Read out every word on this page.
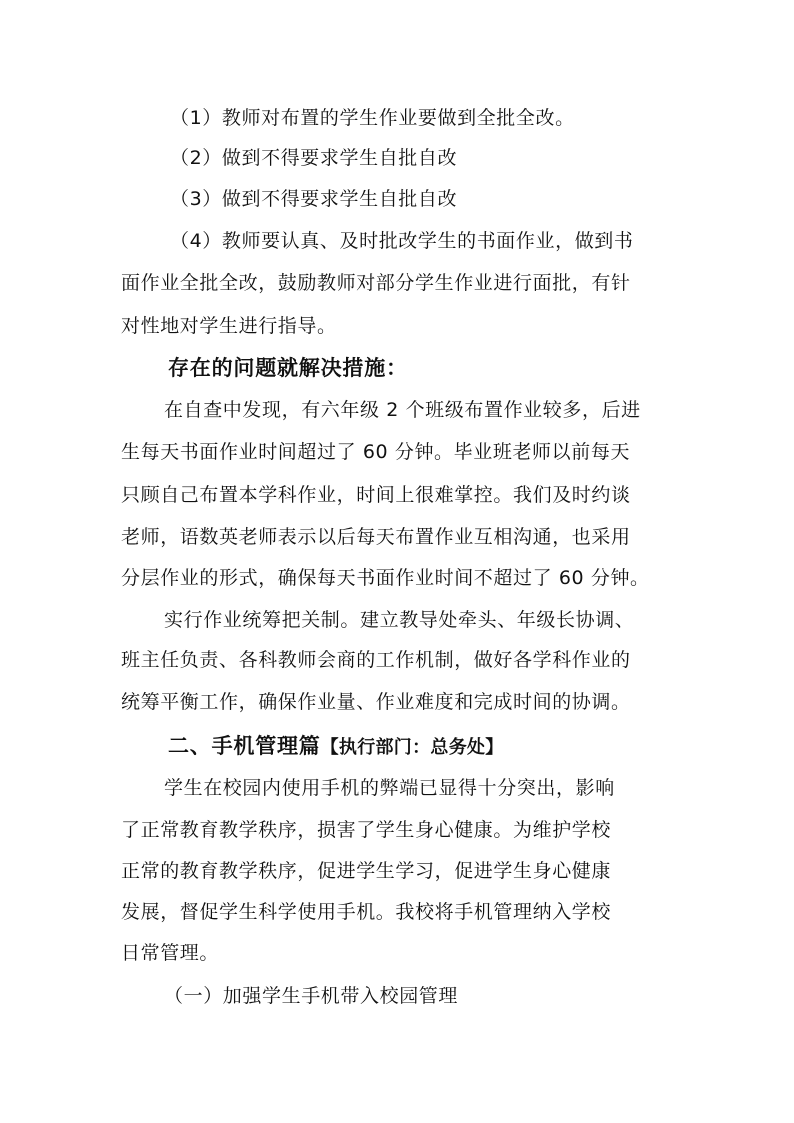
（1）教师对布置的学生作业要做到全批全改。
（2）做到不得要求学生自批自改
（3）做到不得要求学生自批自改
（4）教师要认真、及时批改学生的书面作业，做到书
面作业全批全改，鼓励教师对部分学生作业进行面批，有针
对性地对学生进行指导。
存在的问题就解决措施：
在自查中发现，有六年级 2 个班级布置作业较多，后进
生每天书面作业时间超过了 60 分钟。毕业班老师以前每天
只顾自己布置本学科作业，时间上很难掌控。我们及时约谈
老师，语数英老师表示以后每天布置作业互相沟通，也采用
分层作业的形式，确保每天书面作业时间不超过了 60 分钟。
实行作业统筹把关制。建立教导处牵头、年级长协调、
班主任负责、各科教师会商的工作机制，做好各学科作业的
统筹平衡工作，确保作业量、作业难度和完成时间的协调。
二、手机管理篇【执行部门：总务处】
学生在校园内使用手机的弊端已显得十分突出，影响
了正常教育教学秩序，损害了学生身心健康。为维护学校
正常的教育教学秩序，促进学生学习，促进学生身心健康
发展，督促学生科学使用手机。我校将手机管理纳入学校
日常管理。
（一）加强学生手机带入校园管理
